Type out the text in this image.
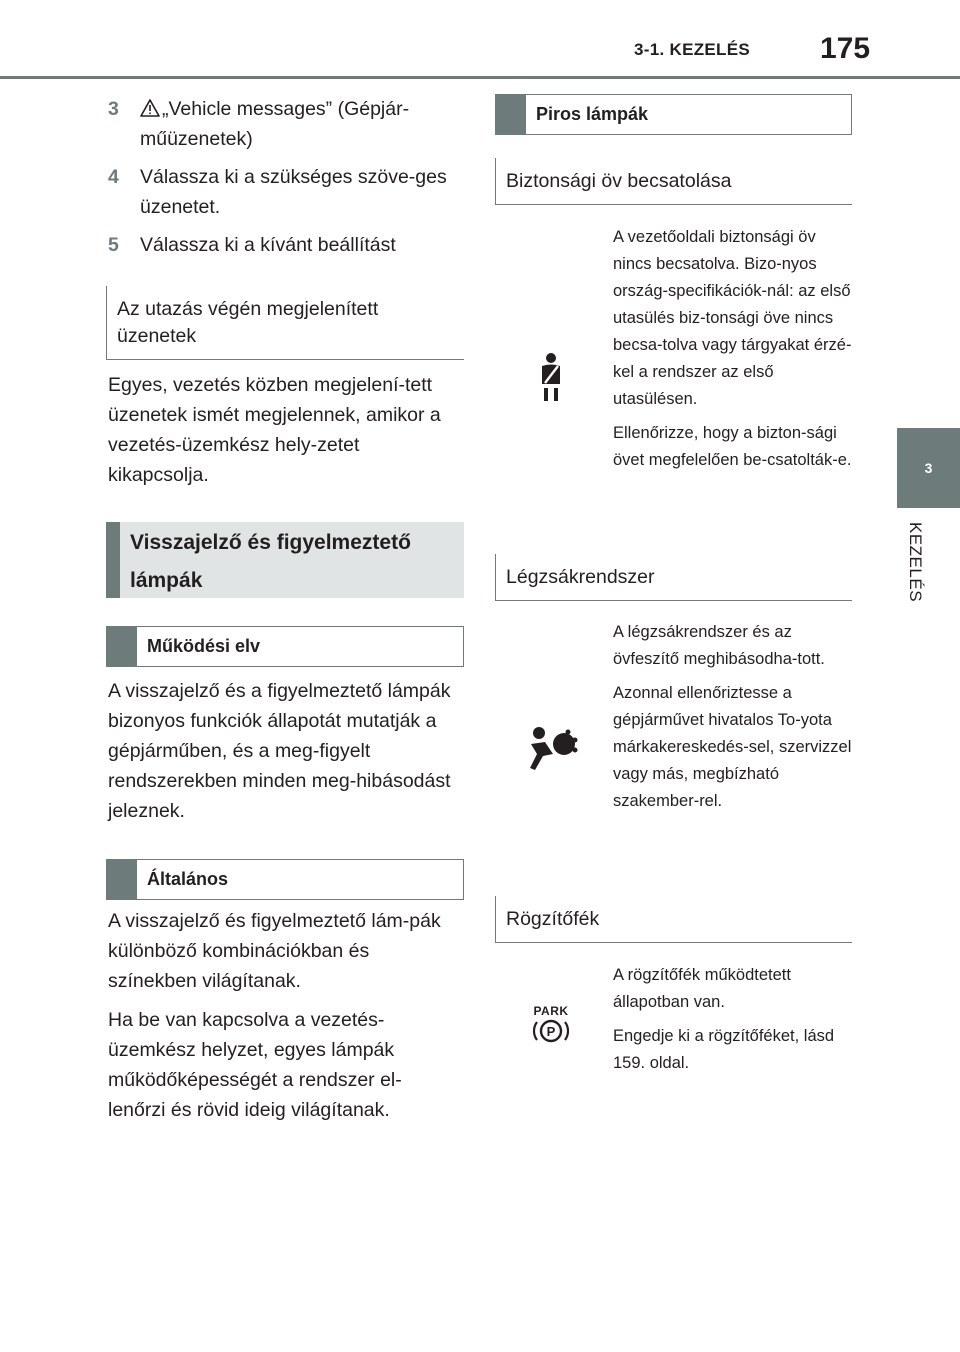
3-1. KEZELÉS 175
3
KEZELÉS
3	„Vehicle messages” (Gépjár-műüzenetek)
4 Válassza ki a szükséges szöve-ges üzenetet.
5 Válassza ki a kívánt beállítást
Az utazás végén megjelenített üzenetek
Egyes, vezetés közben megjelení-tett üzenetek ismét megjelennek, amikor a vezetés-üzemkész hely-zetet kikapcsolja.
Visszajelző és figyelmeztető lámpák
Működési elv
A visszajelző és a figyelmeztető lámpák bizonyos funkciók állapotát mutatják a gépjárműben, és a meg-figyelt rendszerekben minden meg-hibásodást jeleznek.
Általános
A visszajelző és figyelmeztető lám-pák különböző kombinációkban és színekben világítanak.
Ha be van kapcsolva a vezetés-üzemkész helyzet, egyes lámpák működőképességét a rendszer el-lenőrzi és rövid ideig világítanak.
Piros lámpák
Biztonsági öv becsatolása

A vezetőoldali biztonsági öv nincs becsatolva. Bizo-nyos ország-specifikációk-nál: az első utasülés biz-tonsági öve nincs becsa-tolva vagy tárgyakat érzé-kel a rendszer az első utasülésen.

Ellenőrizze, hogy a bizton-sági övet megfelelően be-csatolták-e.

Légzsákrendszer

A légzsákrendszer és az övfeszítő meghibásodha-tott.

Azonnal ellenőriztesse a gépjárművet hivatalos To-yota márkakereskedés-sel, szervizzel vagy más, megbízható szakember-rel.

Rögzítőfék
PARK
P

A rögzítőfék működtetett állapotban van.

Engedje ki a rögzítőféket, lásd 159. oldal.
